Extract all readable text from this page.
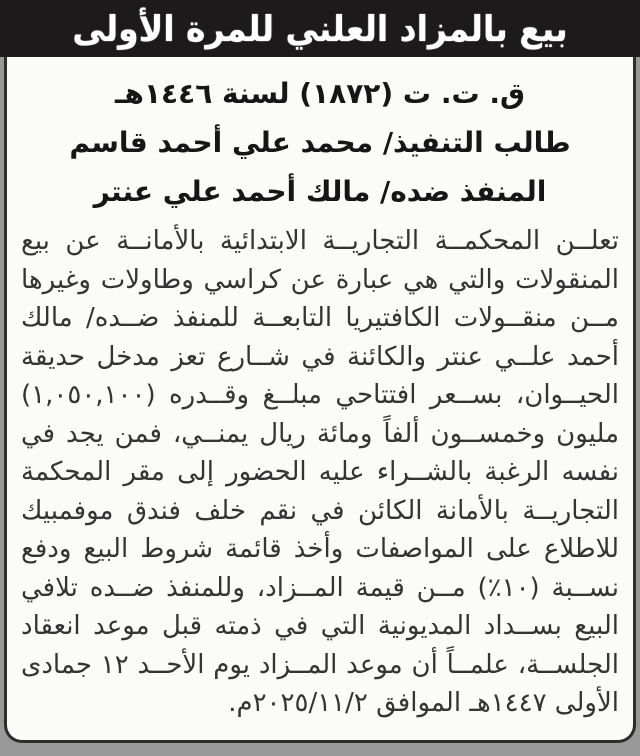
بيع بالمزاد العلني للمرة الأولى
ق. ت. ت (١٨٧٢) لسنة ١٤٤٦هـ
طالب التنفيذ/ محمد علي أحمد قاسم
المنفذ ضده/ مالك أحمد علي عنتر
تعلــن المحكمــة التجاريــة الابتدائية بالأمانــة عن بيع
المنقولات والتي هي عبارة عن كراسي وطاولات وغيرها
مــن منقــولات الكافتيريا التابعــة للمنفذ ضــده/ مالك
أحمد علــي عنتر والكائنة في شــارع تعز مدخل حديقة
الحيــوان، بســعر افتتاحي مبلــغ وقــدره (١,٠٥٠,١٠٠)
مليون وخمســون ألفاً ومائة ريال يمنــي، فمن يجد في
نفسه الرغبة بالشــراء عليه الحضور إلى مقر المحكمة
التجاريــة بالأمانة الكائن في نقم خلف فندق موفمبيك
للاطلاع على المواصفات وأخذ قائمة شروط البيع ودفع
نســبة (١٠٪) مــن قيمة المــزاد، وللمنفذ ضــده تلافي
البيع بســداد المديونية التي في ذمته قبل موعد انعقاد
الجلســة، علمــاً أن موعد المــزاد يوم الأحــد ١٢ جمادى
الأولى ١٤٤٧هـ الموافق ٢٠٢٥/١١/٢م.
